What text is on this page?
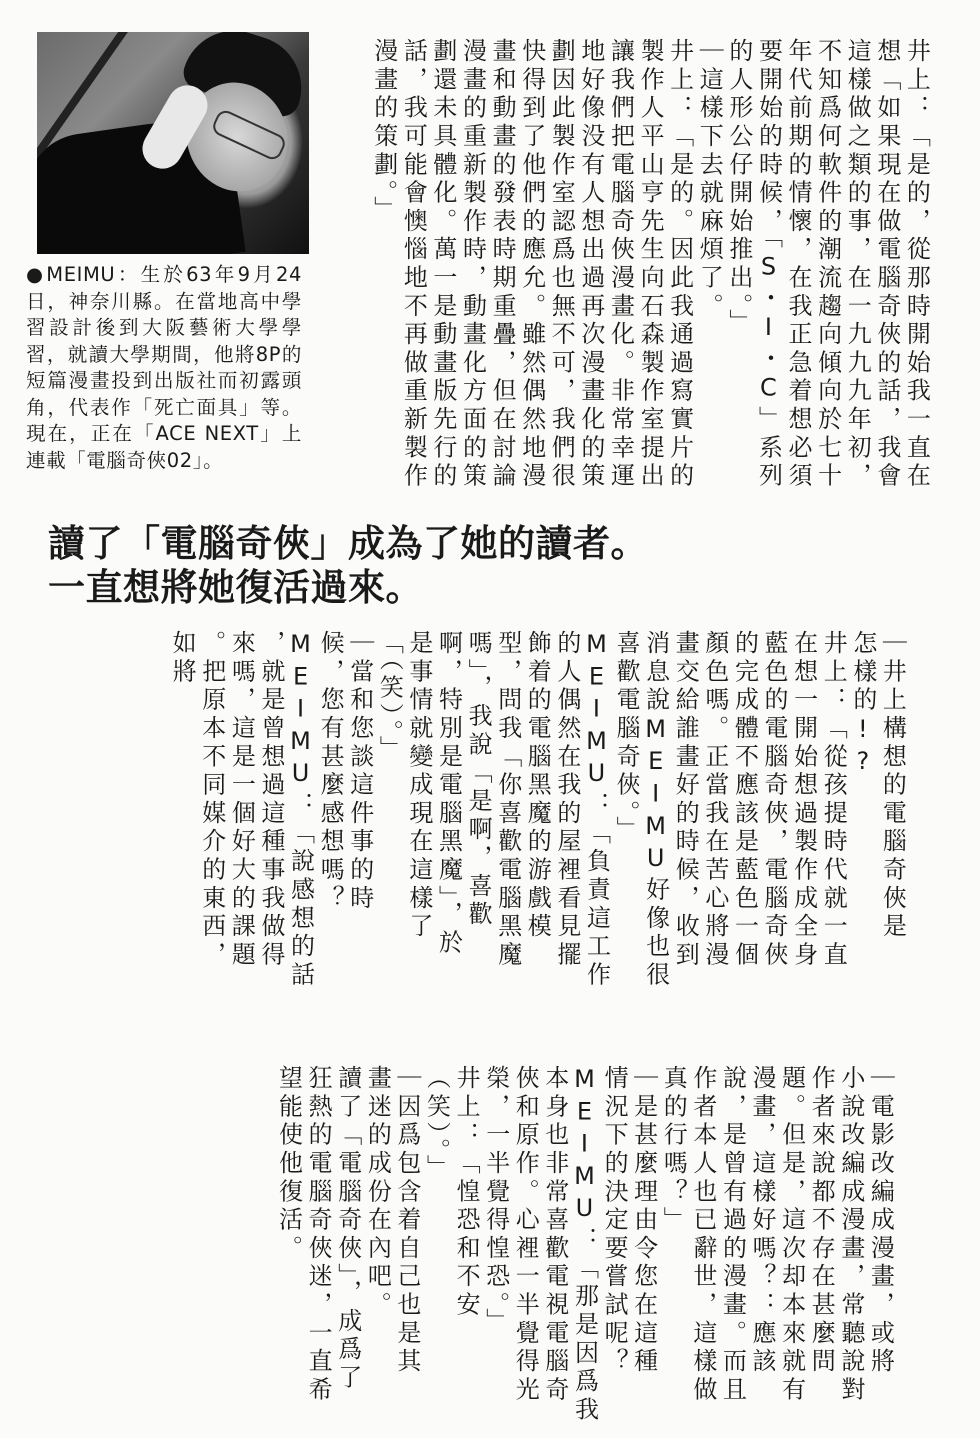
●MEIMU：生於63年9月24日，神奈川縣。在當地高中學習設計後到大阪藝術大學學習，就讀大學期間，他將8P的短篇漫畫投到出版社而初露頭角，代表作「死亡面具」等。現在，正在「ACE NEXT」上連載「電腦奇俠02」。	井上：「是的，從那時開始我一直在
想「如果現在做電腦奇俠的話，我會
這樣做之類的事，在一九九九年初，
不知爲何軟件的潮流趨向傾向於七十
年代前期的情懷，在我正急着想必須
要開始的時候，「S・I・C」系列
的人形公仔開始推出。」
｜這樣下去就麻煩了。
井上：「是的。因此我通過寫實片的
製作人平山亨先生向石森製作室提出
讓我們把電腦奇俠漫畫化。非常幸運
地好像没有人想出過再次漫畫化的策
劃因此製作室認爲也無不可，我們很
快得到了他們的應允。雖然偶然地漫
畫和動畫的發表時期重疊，但在討論
漫畫的重新製作時，動畫化方面的策
劃還未具體化。萬一是動畫版先行的
話，我可能會懊惱地不再做重新製作
漫畫的策劃。」
讀了「電腦奇俠」成為了她的讀者。
一直想將她復活過來。

｜井上構想的電腦奇俠是
怎樣的!?
井上：「從孩提時代就一直
在想一開始想過製作成全身
藍色的電腦奇俠，電腦奇俠
的完成體不應該是藍色一個
顏色嗎。正當我在苦心將漫
畫交給誰畫好的時候，收到
消息說MEIMU好像也很
喜歡電腦奇俠。」
MEIMU：「負責這工作
的人偶然在我的屋裡看見擺
飾着的電腦黑魔的游戲模
型，問我「你喜歡電腦黑魔
嗎」，我說「是啊，喜歡
啊，特別是電腦黑魔」，於
是事情就變成現在這樣了
「（笑）。」
｜當和您談這件事的時
候，您有甚麼感想嗎？
MEIMU：「說感想的話
，就是曾想過這種事我做得
來嗎，這是一個好大的課題
。把原本不同媒介的東西，
如將

｜電影改編成漫畫，或將
小說改編成漫畫，常聽說對
作者來說都不存在甚麼問
題。但是，這次却本來就有
漫畫，這樣好嗎？：應該
說，是曾有過的漫畫。而且
作者本人也已辭世，這樣做
真的行嗎？」
｜是甚麼理由令您在這種
情況下的決定要嘗試呢？
MEIMU：「那是因爲我
本身也非常喜歡電視電腦奇
俠和原作。心裡一半覺得光
榮，一半覺得惶恐。」
井上：「惶恐和不安
（笑）。」
｜因爲包含着自己也是其
畫迷的成份在內吧。
讀了「電腦奇俠」，成爲了
狂熱的電腦奇俠迷，一直希
望能使他復活。
